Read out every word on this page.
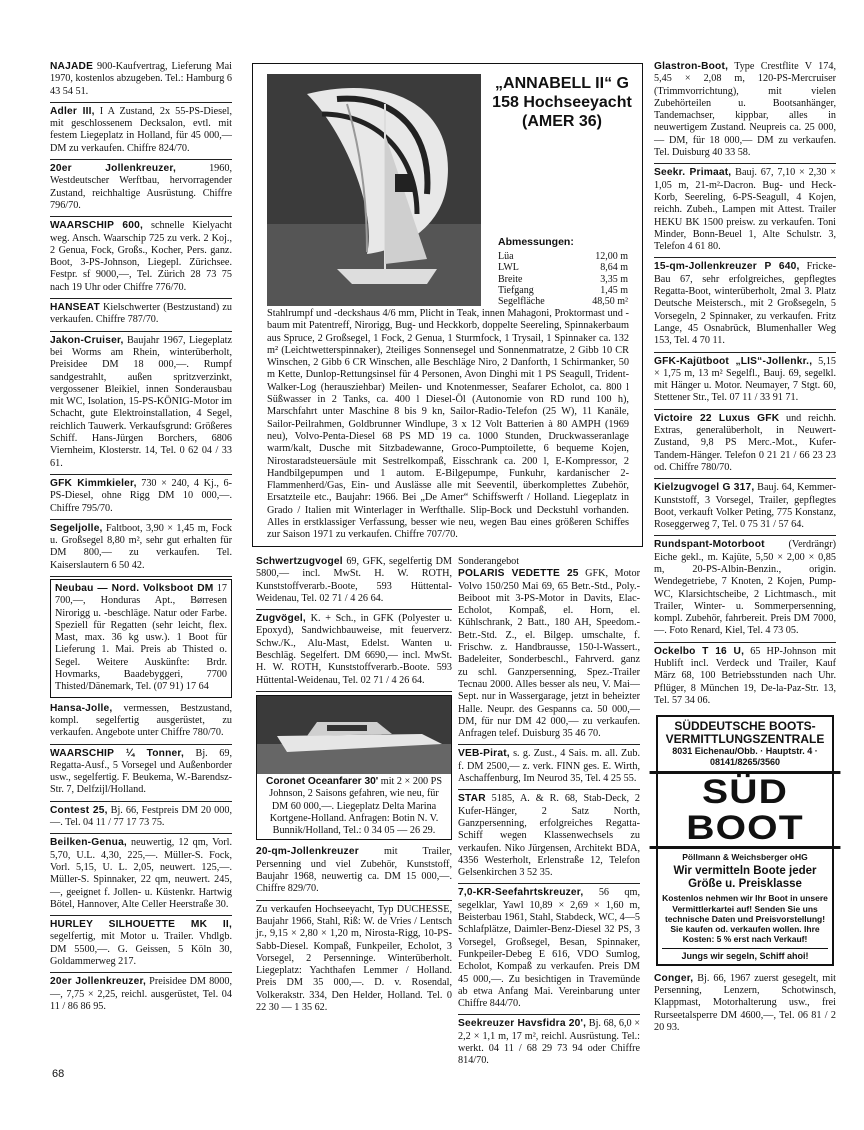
NAJADE 900-Kaufvertrag, Lieferung Mai 1970, kostenlos abzugeben. Tel.: Hamburg 6 43 54 51.

Adler III, I A Zustand, 2x 55-PS-Diesel, mit geschlossenem Decksalon, evtl. mit festem Liegeplatz in Holland, für 45 000,— DM zu verkaufen. Chiffre 824/70.

20er Jollenkreuzer, 1960, Westdeutscher Werftbau, hervorragender Zustand, reichhaltige Ausrüstung. Chiffre 796/70.

WAARSCHIP 600, schnelle Kielyacht weg. Ansch. Waarschip 725 zu verk. 2 Koj., 2 Genua, Fock, Großs., Kocher, Pers. ganz. Boot, 3-PS-Johnson, Liegepl. Zürichsee. Festpr. sf 9000,—, Tel. Zürich 28 73 75 nach 19 Uhr oder Chiffre 776/70.

HANSEAT Kielschwerter (Bestzustand) zu verkaufen. Chiffre 787/70.

Jakon-Cruiser, Baujahr 1967, Liegeplatz bei Worms am Rhein, winterüberholt, Preisidee DM 18 000,—. Rumpf sandgestrahlt, außen spritzverzinkt, vergossener Bleikiel, innen Sonderausbau mit WC, Isolation, 15-PS-KÖNIG-Motor im Schacht, gute Elektroinstallation, 4 Segel, reichlich Tauwerk. Verkaufsgrund: Größeres Schiff. Hans-Jürgen Borchers, 6806 Viernheim, Klosterstr. 14, Tel. 0 62 04 / 33 61.

GFK Kimmkieler, 730 × 240, 4 Kj., 6-PS-Diesel, ohne Rigg DM 10 000,—. Chiffre 795/70.

Segeljolle, Faltboot, 3,90 × 1,45 m, Fock u. Großsegel 8,80 m², sehr gut erhalten für DM 800,— zu verkaufen. Tel. Kaiserslautern 6 50 42.

Neubau — Nord. Volksboot DM 17 700,—, Honduras Apt., Børresen Nirorigg u. -beschläge. Natur oder Farbe. Speziell für Regatten (sehr leicht, flex. Mast, max. 36 kg usw.). 1 Boot für Lieferung 1. Mai. Preis ab Thisted o. Segel. Weitere Auskünfte: Brdr. Hovmarks, Baadebyggeri, 7700 Thisted/Dänemark, Tel. (07 91) 17 64

Hansa-Jolle, vermessen, Bestzustand, kompl. segelfertig ausgerüstet, zu verkaufen. Angebote unter Chiffre 780/70.

WAARSCHIP ¼ Tonner, Bj. 69, Regatta-Ausf., 5 Vorsegel und Außenborder usw., segelfertig. F. Beukema, W.-Barendsz-Str. 7, Delfzijl/Holland.

Contest 25, Bj. 66, Festpreis DM 20 000,—. Tel. 04 11 / 77 17 73 75.

Beilken-Genua, neuwertig, 12 qm, Vorl. 5,70, U.L. 4,30, 225,—. Müller-S. Fock, Vorl. 5,15, U. L. 2,05, neuwert. 125,—. Müller-S. Spinnaker, 22 qm, neuwert. 245,—, geeignet f. Jollen- u. Küstenkr. Hartwig Bötel, Hannover, Alte Celler Heerstraße 30.

HURLEY SILHOUETTE MK II, segelfertig, mit Motor u. Trailer. Vhdlgb. DM 5500,—. G. Geissen, 5 Köln 30, Goldammerweg 217.

20er Jollenkreuzer, Preisidee DM 8000,—, 7,75 × 2,25, reichl. ausgerüstet, Tel. 04 11 / 86 86 95.

„ANNABELL II“ G 158 Hochseeyacht (AMER 36)
Abmessungen:
Lüa	12,00 m
LWL	8,64 m
Breite	3,35 m
Tiefgang	1,45 m
Segelfläche	48,50 m²
Stahlrumpf und -deckshaus 4/6 mm, Plicht in Teak, innen Mahagoni, Proktormast und -baum mit Patentreff, Nirorigg, Bug- und Heckkorb, doppelte Seereling, Spinnakerbaum aus Spruce, 2 Großsegel, 1 Fock, 2 Genua, 1 Sturmfock, 1 Trysail, 1 Spinnaker ca. 132 m² (Leichtwetterspinnaker), 2teiliges Sonnensegel und Sonnenmatratze, 2 Gibb 10 CR Winschen, 2 Gibb 6 CR Winschen, alle Beschläge Niro, 2 Danforth, 1 Schirmanker, 50 m Kette, Dunlop-Rettungsinsel für 4 Personen, Avon Dinghi mit 1 PS Seagull, Trident-Walker-Log (herausziehbar) Meilen- und Knotenmesser, Seafarer Echolot, ca. 800 l Süßwasser in 2 Tanks, ca. 400 l Diesel-Öl (Autonomie von RD rund 100 h), Marschfahrt unter Maschine 8 bis 9 kn, Sailor-Radio-Telefon (25 W), 11 Kanäle, Sailor-Peilrahmen, Goldbrunner Windlupe, 3 x 12 Volt Batterien à 80 AMPH (1969 neu), Volvo-Penta-Diesel 68 PS MD 19 ca. 1000 Stunden, Druckwasseranlage warm/kalt, Dusche mit Sitzbadewanne, Groco-Pumptoilette, 6 bequeme Kojen, Nirostaradsteuersäule mit Sestrelkompaß, Eisschrank ca. 200 l, E-Kompressor, 2 Handbilgepumpen und 1 autom. E-Bilgepumpe, Funkuhr, kardanischer 2-Flammenherd/Gas, Ein- und Auslässe alle mit Seeventil, überkomplettes Zubehör, Ersatzteile etc., Baujahr: 1966. Bei „De Amer“ Schiffswerft / Holland. Liegeplatz in Grado / Italien mit Winterlager in Werfthalle. Slip-Bock und Deckstuhl vorhanden. Alles in erstklassiger Verfassung, besser wie neu, wegen Bau eines größeren Schiffes zur Saison 1971 zu verkaufen. Chiffre 707/70.

Schwertzugvogel 69, GFK, segelfertig DM 5800,— incl. MwSt. H. W. ROTH, Kunststoffverarb.-Boote, 593 Hüttental-Weidenau, Tel. 02 71 / 4 26 64.

Zugvögel, K. + Sch., in GFK (Polyester u. Epoxyd), Sandwichbauweise, mit feuerverz. Schw./K., Alu-Mast, Edelst. Wanten u. Beschläg. Segelfert. DM 6690,— incl. MwSt. H. W. ROTH, Kunststoffverarb.-Boote. 593 Hüttental-Weidenau, Tel. 02 71 / 4 26 64.

Coronet Oceanfarer 30' mit 2 × 200 PS Johnson, 2 Saisons gefahren, wie neu, für DM 60 000,—. Liegeplatz Delta Marina Kortgene-Holland. Anfragen: Botin N. V. Bunnik/Holland, Tel.: 0 34 05 — 26 29.

20-qm-Jollenkreuzer mit Trailer, Persenning und viel Zubehör, Kunststoff, Baujahr 1968, neuwertig ca. DM 15 000,—. Chiffre 829/70.

Zu verkaufen Hochseeyacht, Typ DUCHESSE, Baujahr 1966, Stahl, Riß: W. de Vries / Lentsch jr., 9,15 × 2,80 × 1,20 m, Nirosta-Rigg, 10-PS-Sabb-Diesel. Kompaß, Funkpeiler, Echolot, 3 Vorsegel, 2 Persenninge. Winterüberholt. Liegeplatz: Yachthafen Lemmer / Holland. Preis DM 35 000,—. D. v. Rosendal, Volkerakstr. 334, Den Helder, Holland. Tel. 0 22 30 — 1 35 62.

Sonderangebot
POLARIS VEDETTE 25 GFK, Motor Volvo 150/250 Mai 69, 65 Betr.-Std., Poly.-Beiboot mit 3-PS-Motor in Davits, Elac-Echolot, Kompaß, el. Horn, el. Kühlschrank, 2 Batt., 180 AH, Speedom.-Betr.-Std. Z., el. Bilgep. umschalte, f. Frischw. z. Handbrausse, 150-l-Wassert., Badeleiter, Sonderbeschl., Fahrverd. ganz zu schl. Ganzpersenning, Spez.-Trailer Tecnau 2000. Alles besser als neu, V. Mai—Sept. nur in Wassergarage, jetzt in beheizter Halle. Neupr. des Gespanns ca. 50 000,— DM, für nur DM 42 000,— zu verkaufen. Anfragen telef. Duisburg 35 46 70.

VEB-Pirat, s. g. Zust., 4 Sais. m. all. Zub. f. DM 2500,— z. verk. FINN ges. E. Wirth, Aschaffenburg, Im Neurod 35, Tel. 4 25 55.

STAR 5185, A. & R. 68, Stab-Deck, 2 Kufer-Hänger, 2 Satz North, Ganzpersenning, erfolgreiches Regatta-Schiff wegen Klassenwechsels zu verkaufen. Niko Jürgensen, Architekt BDA, 4356 Westerholt, Erlenstraße 12, Telefon Gelsenkirchen 3 52 35.

7,0-KR-Seefahrtskreuzer, 56 qm, segelklar, Yawl 10,89 × 2,69 × 1,60 m, Beisterbau 1961, Stahl, Stabdeck, WC, 4—5 Schlafplätze, Daimler-Benz-Diesel 32 PS, 3 Vorsegel, Großsegel, Besan, Spinnaker, Funkpeiler-Debeg E 616, VDO Sumlog, Echolot, Kompaß zu verkaufen. Preis DM 45 000,—. Zu besichtigen in Travemünde ab etwa Anfang Mai. Vereinbarung unter Chiffre 844/70.

Seekreuzer Havsfidra 20', Bj. 68, 6,0 × 2,2 × 1,1 m, 17 m², reichl. Ausrüstung. Tel.: werkt. 04 11 / 68 29 73 94 oder Chiffre 814/70.

Glastron-Boot, Type Crestflite V 174, 5,45 × 2,08 m, 120-PS-Mercruiser (Trimmvorrichtung), mit vielen Zubehörteilen u. Bootsanhänger, Tandemachser, kippbar, alles in neuwertigem Zustand. Neupreis ca. 25 000,— DM, für 18 000,— DM zu verkaufen. Tel. Duisburg 40 33 58.

Seekr. Primaat, Bauj. 67, 7,10 × 2,30 × 1,05 m, 21-m²-Dacron. Bug- und Heck-Korb, Seereling, 6-PS-Seagull, 4 Kojen, reichh. Zubeh., Lampen mit Attest. Trailer HEKU BK 1500 preisw. zu verkaufen. Toni Minder, Bonn-Beuel 1, Alte Schulstr. 3, Telefon 4 61 80.

15-qm-Jollenkreuzer P 640, Fricke-Bau 67, sehr erfolgreiches, gepflegtes Regatta-Boot, winterüberholt, 2mal 3. Platz Deutsche Meistersch., mit 2 Großsegeln, 5 Vorsegeln, 2 Spinnaker, zu verkaufen. Fritz Lange, 45 Osnabrück, Blumenhaller Weg 153, Tel. 4 70 11.

GFK-Kajütboot „LIS“-Jollenkr., 5,15 × 1,75 m, 13 m² Segelfl., Bauj. 69, segelkl. mit Hänger u. Motor. Neumayer, 7 Stgt. 60, Stettener Str., Tel. 07 11 / 33 91 71.

Victoire 22 Luxus GFK und reichh. Extras, generalüberholt, in Neuwert-Zustand, 9,8 PS Merc.-Mot., Kufer-Tandem-Hänger. Telefon 0 21 21 / 66 23 23 od. Chiffre 780/70.

Kielzugvogel G 317, Bauj. 64, Kemmer-Kunststoff, 3 Vorsegel, Trailer, gepflegtes Boot, verkauft Volker Peting, 775 Konstanz, Roseggerweg 7, Tel. 0 75 31 / 57 64.

Rundspant-Motorboot (Verdrängr) Eiche gekl., m. Kajüte, 5,50 × 2,00 × 0,85 m, 20-PS-Albin-Benzin., origin. Wendegetriebe, 7 Knoten, 2 Kojen, Pump-WC, Klarsichtscheibe, 2 Lichtmasch., mit Trailer, Winter- u. Sommerpersenning, kompl. Zubehör, fahrbereit. Preis DM 7000,—. Foto Renard, Kiel, Tel. 4 73 05.

Ockelbo T 16 U, 65 HP-Johnson mit Hublift incl. Verdeck und Trailer, Kauf März 68, 100 Betriebsstunden nach Uhr. Pflüger, 8 München 19, De-la-Paz-Str. 13, Tel. 57 34 06.

SÜDDEUTSCHE BOOTS-VERMITTLUNGSZENTRALE
8031 Eichenau/Obb. · Hauptstr. 4 · 08141/8265/3560
SÜD BOOT
Pöllmann & Weichsberger oHG
Wir vermitteln Boote jeder Größe u. Preisklasse
Kostenlos nehmen wir Ihr Boot in unsere Vermittlerkartei auf! Senden Sie uns technische Daten und Preisvorstellung! Sie kaufen od. verkaufen wollen. Ihre Kosten: 5 % erst nach Verkauf!
Jungs wir segeln, Schiff ahoi!

Conger, Bj. 66, 1967 zuerst gesegelt, mit Persenning, Lenzern, Schotwinsch, Klappmast, Motorhalterung usw., frei Rurseetalsperre DM 4600,—, Tel. 06 81 / 2 20 93.

68
